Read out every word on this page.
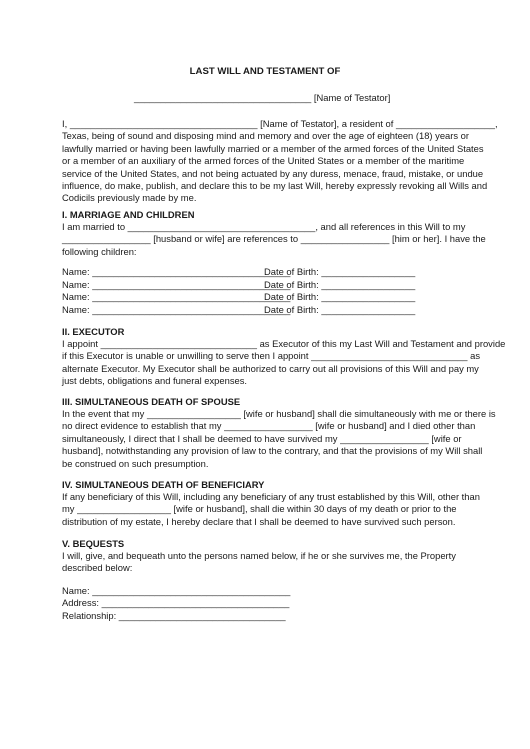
LAST WILL AND TESTAMENT OF
__________________________________ [Name of Testator]
I, ____________________________________ [Name of Testator], a resident of ___________________,
Texas, being of sound and disposing mind and memory and over the age of eighteen (18) years or
lawfully married or having been lawfully married or a member of the armed forces of the United States
or a member of an auxiliary of the armed forces of the United States or a member of the maritime
service of the United States, and not being actuated by any duress, menace, fraud, mistake, or undue
influence, do make, publish, and declare this to be my last Will, hereby expressly revoking all Wills and
Codicils previously made by me.
I. MARRIAGE AND CHILDREN
I am married to ____________________________________, and all references in this Will to my
_________________ [husband or wife] are references to _________________ [him or her]. I have the
following children:
Name: ______________________________________
Date of Birth: __________________
Name: ______________________________________
Date of Birth: __________________
Name: ______________________________________
Date of Birth: __________________
Name: ______________________________________
Date of Birth: __________________
II. EXECUTOR
I appoint ______________________________ as Executor of this my Last Will and Testament and provide
if this Executor is unable or unwilling to serve then I appoint ______________________________ as
alternate Executor. My Executor shall be authorized to carry out all provisions of this Will and pay my
just debts, obligations and funeral expenses.
III. SIMULTANEOUS DEATH OF SPOUSE
In the event that my __________________ [wife or husband] shall die simultaneously with me or there is
no direct evidence to establish that my _________________ [wife or husband] and I died other than
simultaneously, I direct that I shall be deemed to have survived my _________________ [wife or
husband], notwithstanding any provision of law to the contrary, and that the provisions of my Will shall
be construed on such presumption.
IV. SIMULTANEOUS DEATH OF BENEFICIARY
If any beneficiary of this Will, including any beneficiary of any trust established by this Will, other than
my __________________ [wife or husband], shall die within 30 days of my death or prior to the
distribution of my estate, I hereby declare that I shall be deemed to have survived such person.
V. BEQUESTS
I will, give, and bequeath unto the persons named below, if he or she survives me, the Property
described below:
Name: ______________________________________
Address: ____________________________________
Relationship: ________________________________
